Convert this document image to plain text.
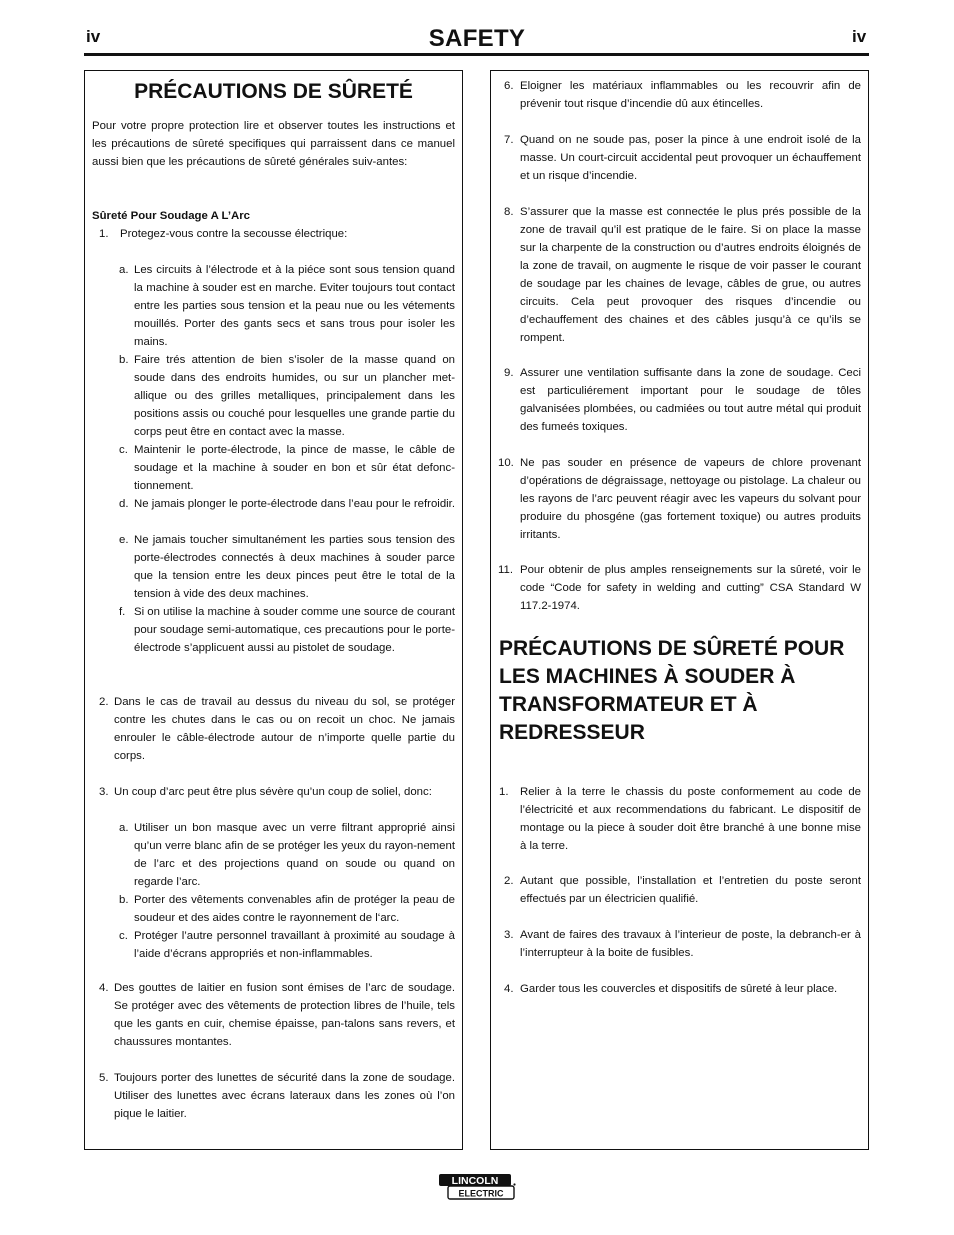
iv	SAFETY	iv
PRÉCAUTIONS DE SÛRETÉ
Pour votre propre protection lire et observer toutes les instructions et les précautions de sûreté specifiques qui parraissent dans ce manuel aussi bien que les précautions de sûreté générales suiv-antes:
Sûreté Pour Soudage A L’Arc
1. Protegez-vous contre la secousse électrique:
a. Les circuits à l’électrode et à la piéce sont sous tension quand la machine à souder est en marche. Eviter toujours tout contact entre les parties sous tension et la peau nue ou les vétements mouillés. Porter des gants secs et sans trous pour isoler les mains.
b. Faire trés attention de bien s’isoler de la masse quand on soude dans des endroits humides, ou sur un plancher met-allique ou des grilles metalliques, principalement dans les positions assis ou couché pour lesquelles une grande partie du corps peut être en contact avec la masse.
c. Maintenir le porte-électrode, la pince de masse, le câble de soudage et la machine à souder en bon et sûr état defonc-tionnement.
d. Ne jamais plonger le porte-électrode dans l’eau pour le refroidir.
e. Ne jamais toucher simultanément les parties sous tension des porte-électrodes connectés à deux machines à souder parce que la tension entre les deux pinces peut être le total de la tension à vide des deux machines.
f. Si on utilise la machine à souder comme une source de courant pour soudage semi-automatique, ces precautions pour le porte-électrode s’applicuent aussi au pistolet de soudage.
2. Dans le cas de travail au dessus du niveau du sol, se protéger contre les chutes dans le cas ou on recoit un choc. Ne jamais enrouler le câble-électrode autour de n’importe quelle partie du corps.
3. Un coup d’arc peut être plus sévère qu’un coup de soliel, donc:
a. Utiliser un bon masque avec un verre filtrant approprié ainsi qu’un verre blanc afin de se protéger les yeux du rayon-nement de l’arc et des projections quand on soude ou quand on regarde l’arc.
b. Porter des vêtements convenables afin de protéger la peau de soudeur et des aides contre le rayonnement de l‘arc.
c. Protéger l’autre personnel travaillant à proximité au soudage à l’aide d’écrans appropriés et non-inflammables.
4. Des gouttes de laitier en fusion sont émises de l’arc de soudage. Se protéger avec des vêtements de protection libres de l’huile, tels que les gants en cuir, chemise épaisse, pan-talons sans revers, et chaussures montantes.
5. Toujours porter des lunettes de sécurité dans la zone de soudage. Utiliser des lunettes avec écrans lateraux dans les zones où l’on pique le laitier.
6. Eloigner les matériaux inflammables ou les recouvrir afin de prévenir tout risque d’incendie dû aux étincelles.
7. Quand on ne soude pas, poser la pince à une endroit isolé de la masse. Un court-circuit accidental peut provoquer un échauffement et un risque d’incendie.
8. S’assurer que la masse est connectée le plus prés possible de la zone de travail qu’il est pratique de le faire. Si on place la masse sur la charpente de la construction ou d’autres endroits éloignés de la zone de travail, on augmente le risque de voir passer le courant de soudage par les chaines de levage, câbles de grue, ou autres circuits. Cela peut provoquer des risques d’incendie ou d’echauffement des chaines et des câbles jusqu’à ce qu’ils se rompent.
9. Assurer une ventilation suffisante dans la zone de soudage. Ceci est particuliérement important pour le soudage de tôles galvanisées plombées, ou cadmiées ou tout autre métal qui produit des fumeés toxiques.
10. Ne pas souder en présence de vapeurs de chlore provenant d’opérations de dégraissage, nettoyage ou pistolage. La chaleur ou les rayons de l’arc peuvent réagir avec les vapeurs du solvant pour produire du phosgéne (gas fortement toxique) ou autres produits irritants.
11. Pour obtenir de plus amples renseignements sur la sûreté, voir le code “Code for safety in welding and cutting” CSA Standard W 117.2-1974.
PRÉCAUTIONS DE SÛRETÉ POUR LES MACHINES À SOUDER À TRANSFORMATEUR ET À REDRESSEUR
1. Relier à la terre le chassis du poste conformement au code de l’électricité et aux recommendations du fabricant. Le dispositif de montage ou la piece à souder doit être branché à une bonne mise à la terre.
2. Autant que possible, l’installation et l’entretien du poste seront effectués par un électricien qualifié.
3. Avant de faires des travaux à l’interieur de poste, la debranch-er à l’interrupteur à la boite de fusibles.
4. Garder tous les couvercles et dispositifs de sûreté à leur place.
LINCOLN
ELECTRIC
